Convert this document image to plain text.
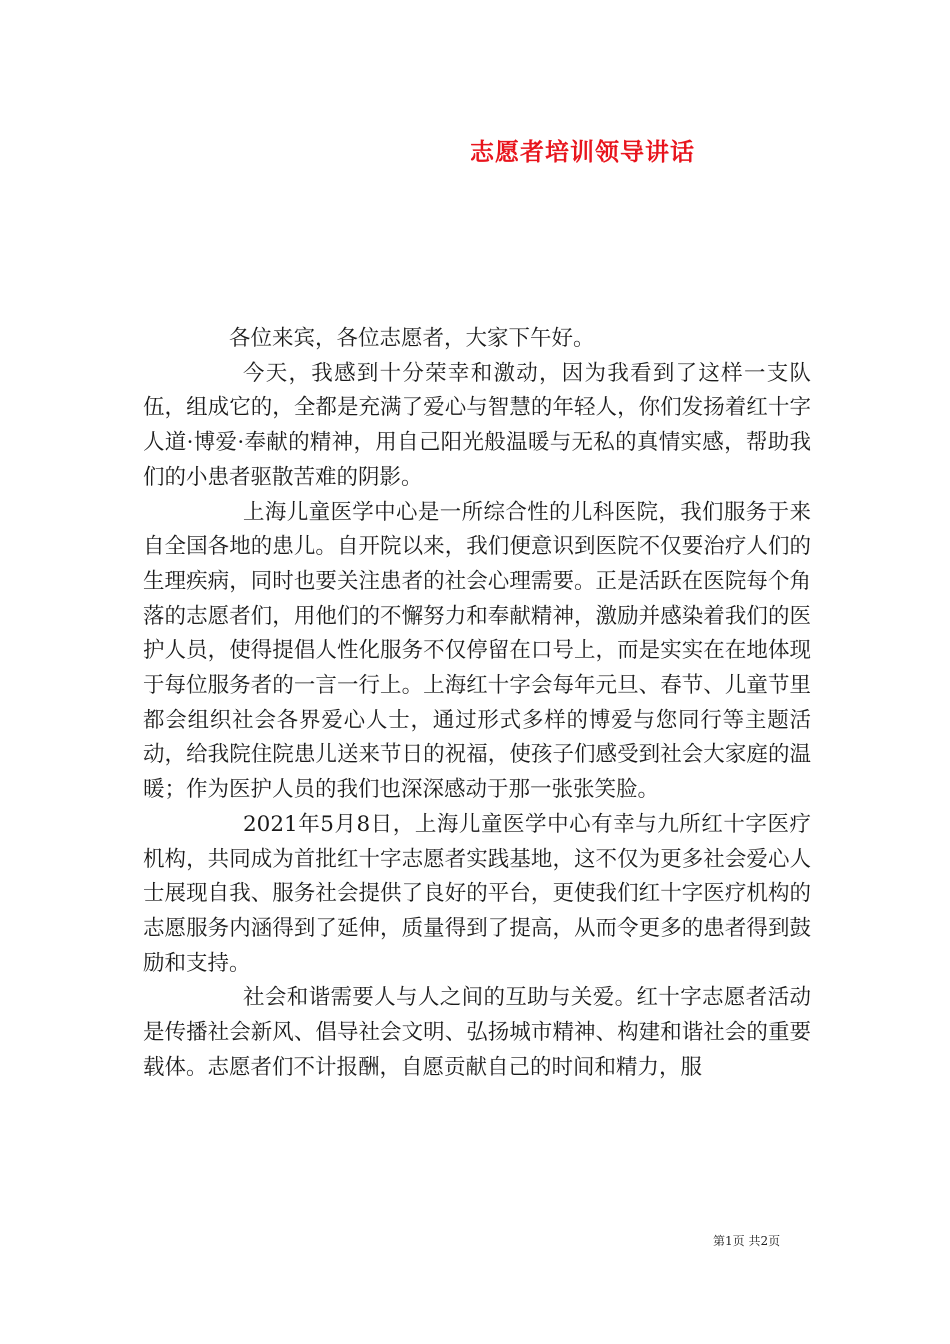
志愿者培训领导讲话

各位来宾，各位志愿者，大家下午好。

今天，我感到十分荣幸和激动，因为我看到了这样一支队伍，组成它的，全都是充满了爱心与智慧的年轻人，你们发扬着红十字人道·博爱·奉献的精神，用自己阳光般温暖与无私的真情实感，帮助我们的小患者驱散苦难的阴影。

上海儿童医学中心是一所综合性的儿科医院，我们服务于来自全国各地的患儿。自开院以来，我们便意识到医院不仅要治疗人们的生理疾病，同时也要关注患者的社会心理需要。正是活跃在医院每个角落的志愿者们，用他们的不懈努力和奉献精神，激励并感染着我们的医护人员，使得提倡人性化服务不仅停留在口号上，而是实实在在地体现于每位服务者的一言一行上。上海红十字会每年元旦、春节、儿童节里都会组织社会各界爱心人士，通过形式多样的博爱与您同行等主题活动，给我院住院患儿送来节日的祝福，使孩子们感受到社会大家庭的温暖；作为医护人员的我们也深深感动于那一张张笑脸。

2021年5月8日，上海儿童医学中心有幸与九所红十字医疗机构，共同成为首批红十字志愿者实践基地，这不仅为更多社会爱心人士展现自我、服务社会提供了良好的平台，更使我们红十字医疗机构的志愿服务内涵得到了延伸，质量得到了提高，从而令更多的患者得到鼓励和支持。

社会和谐需要人与人之间的互助与关爱。红十字志愿者活动是传播社会新风、倡导社会文明、弘扬城市精神、构建和谐社会的重要载体。志愿者们不计报酬，自愿贡献自己的时间和精力，服

第1页 共2页
